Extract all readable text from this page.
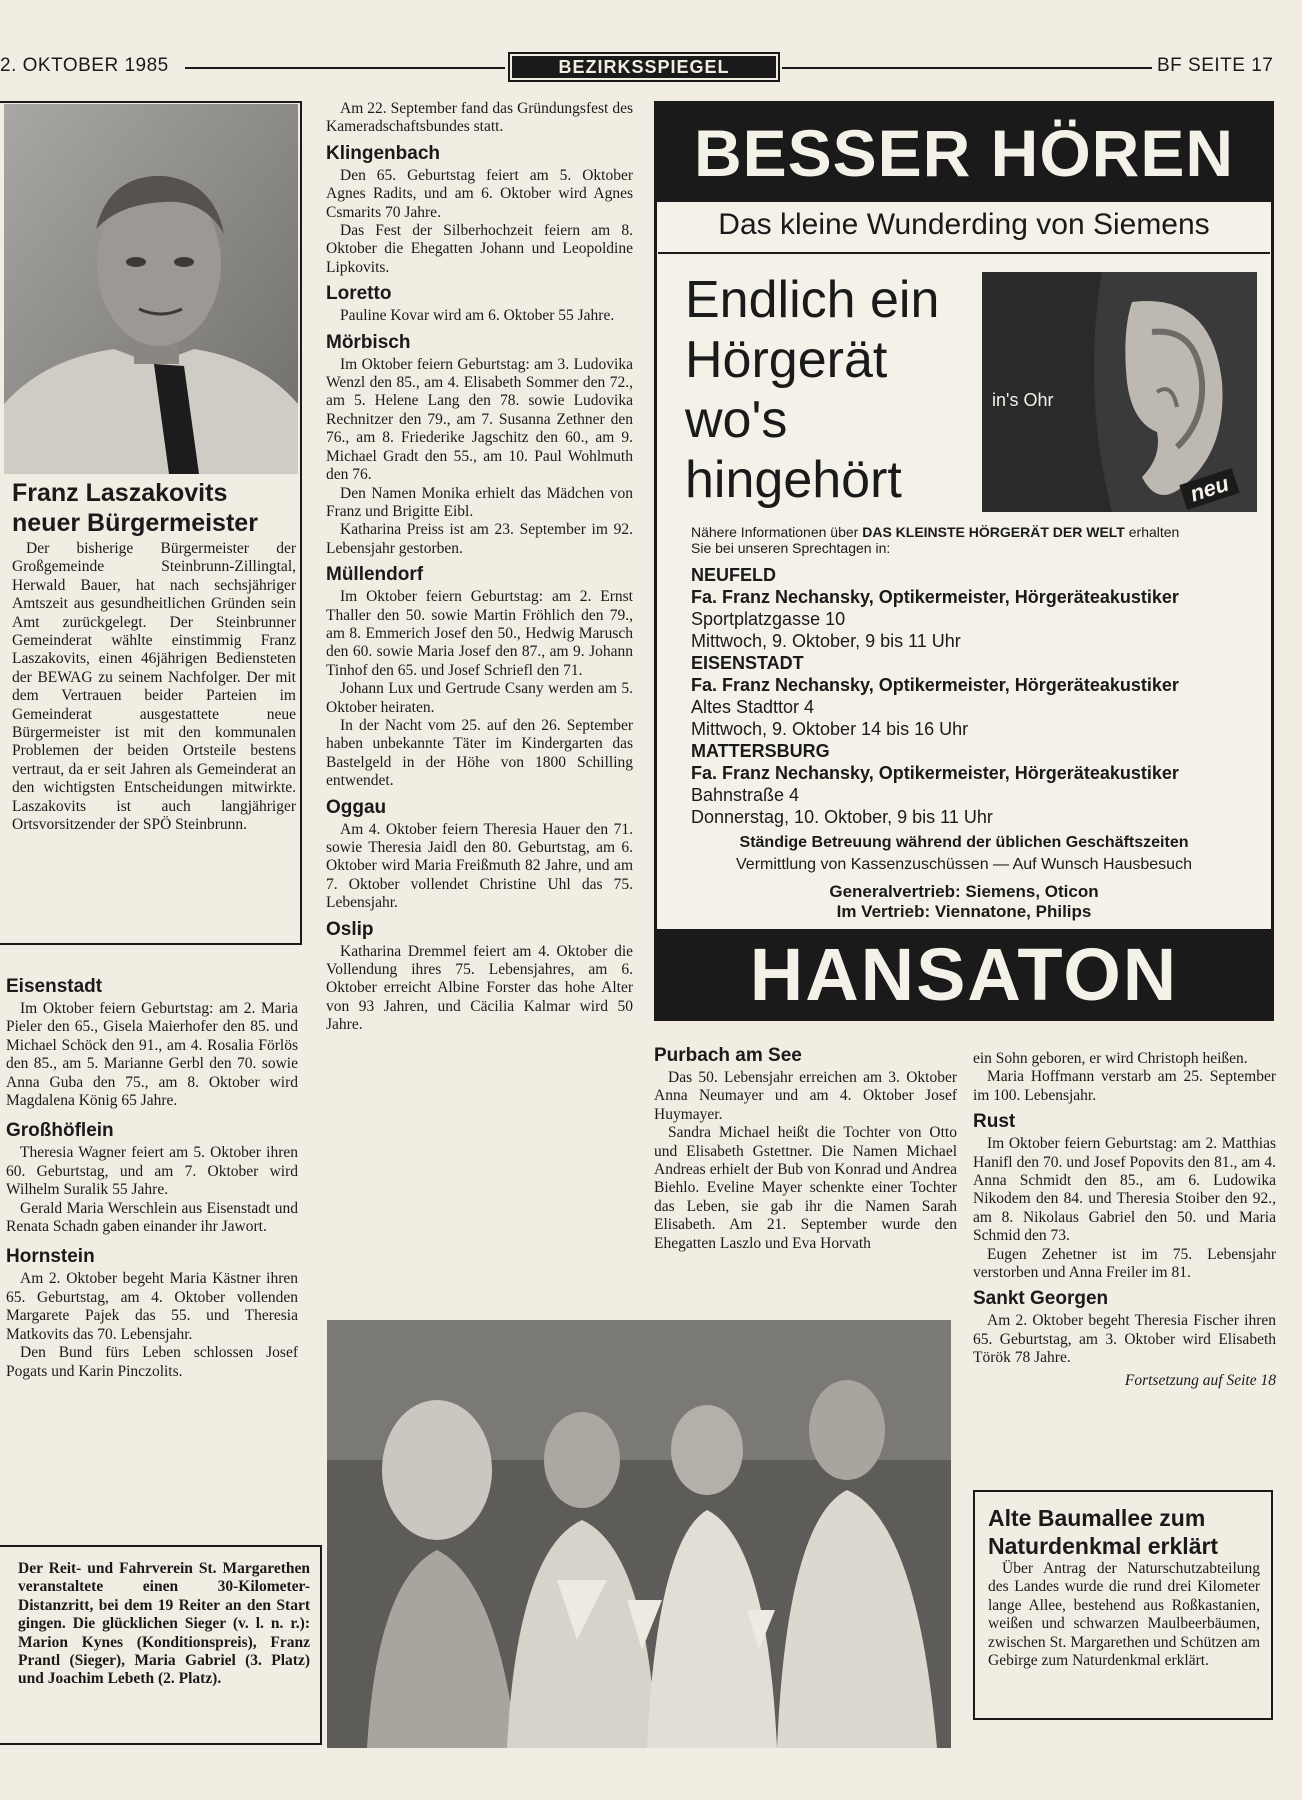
2. OKTOBER 1985	BEZIRKSSPIEGEL	BF SEITE 17
Franz Laszakovits
neuer Bürgermeister

Der bisherige Bürgermeister der Großgemeinde Steinbrunn-Zillingtal, Herwald Bauer, hat nach sechsjähriger Amtszeit aus gesundheitlichen Gründen sein Amt zurückgelegt. Der Steinbrunner Gemeinderat wählte einstimmig Franz Laszakovits, einen 46jährigen Bediensteten der BEWAG zu seinem Nachfolger. Der mit dem Vertrauen beider Parteien im Gemeinderat ausgestattete neue Bürgermeister ist mit den kommunalen Problemen der beiden Ortsteile bestens vertraut, da er seit Jahren als Gemeinderat an den wichtigsten Entscheidungen mitwirkte. Laszakovits ist auch langjähriger Ortsvorsitzender der SPÖ Steinbrunn.

Eisenstadt

Im Oktober feiern Geburtstag: am 2. Maria Pieler den 65., Gisela Maierhofer den 85. und Michael Schöck den 91., am 4. Rosalia Förlös den 85., am 5. Marianne Gerbl den 70. sowie Anna Guba den 75., am 8. Oktober wird Magdalena König 65 Jahre.

Großhöflein

Theresia Wagner feiert am 5. Oktober ihren 60. Geburtstag, und am 7. Oktober wird Wilhelm Suralik 55 Jahre.

Gerald Maria Werschlein aus Eisenstadt und Renata Schadn gaben einander ihr Jawort.

Hornstein

Am 2. Oktober begeht Maria Kästner ihren 65. Geburtstag, am 4. Oktober vollenden Margarete Pajek das 55. und Theresia Matkovits das 70. Lebensjahr.

Den Bund fürs Leben schlossen Josef Pogats und Karin Pinczolits.

Der Reit- und Fahrverein St. Margarethen veranstaltete einen 30-Kilometer-Distanzritt, bei dem 19 Reiter an den Start gingen. Die glücklichen Sieger (v. l. n. r.): Marion Kynes (Konditionspreis), Franz Prantl (Sieger), Maria Gabriel (3. Platz) und Joachim Lebeth (2. Platz).

Am 22. September fand das Gründungsfest des Kameradschaftsbundes statt.

Klingenbach

Den 65. Geburtstag feiert am 5. Oktober Agnes Radits, und am 6. Oktober wird Agnes Csmarits 70 Jahre.

Das Fest der Silberhochzeit feiern am 8. Oktober die Ehegatten Johann und Leopoldine Lipkovits.

Loretto

Pauline Kovar wird am 6. Oktober 55 Jahre.

Mörbisch

Im Oktober feiern Geburtstag: am 3. Ludovika Wenzl den 85., am 4. Elisabeth Sommer den 72., am 5. Helene Lang den 78. sowie Ludovika Rechnitzer den 79., am 7. Susanna Zethner den 76., am 8. Friederike Jagschitz den 60., am 9. Michael Gradt den 55., am 10. Paul Wohlmuth den 76.

Den Namen Monika erhielt das Mädchen von Franz und Brigitte Eibl.

Katharina Preiss ist am 23. September im 92. Lebensjahr gestorben.

Müllendorf

Im Oktober feiern Geburtstag: am 2. Ernst Thaller den 50. sowie Martin Fröhlich den 79., am 8. Emmerich Josef den 50., Hedwig Marusch den 60. sowie Maria Josef den 87., am 9. Johann Tinhof den 65. und Josef Schriefl den 71.

Johann Lux und Gertrude Csany werden am 5. Oktober heiraten.

In der Nacht vom 25. auf den 26. September haben unbekannte Täter im Kindergarten das Bastelgeld in der Höhe von 1800 Schilling entwendet.

Oggau

Am 4. Oktober feiern Theresia Hauer den 71. sowie Theresia Jaidl den 80. Geburtstag, am 6. Oktober wird Maria Freißmuth 82 Jahre, und am 7. Oktober vollendet Christine Uhl das 75. Lebensjahr.

Oslip

Katharina Dremmel feiert am 4. Oktober die Vollendung ihres 75. Lebensjahres, am 6. Oktober erreicht Albine Forster das hohe Alter von 93 Jahren, und Cäcilia Kalmar wird 50 Jahre.

BESSER HÖREN
Das kleine Wunderding von Siemens
Endlich ein
Hörgerät
wo's
hingehört
in's Ohr
neu
Nähere Informationen über DAS KLEINSTE HÖRGERÄT DER WELT erhalten
Sie bei unseren Sprechtagen in:
NEUFELD
Fa. Franz Nechansky, Optikermeister, Hörgeräteakustiker
Sportplatzgasse 10
Mittwoch, 9. Oktober, 9 bis 11 Uhr
EISENSTADT
Fa. Franz Nechansky, Optikermeister, Hörgeräteakustiker
Altes Stadttor 4
Mittwoch, 9. Oktober 14 bis 16 Uhr
MATTERSBURG
Fa. Franz Nechansky, Optikermeister, Hörgeräteakustiker
Bahnstraße 4
Donnerstag, 10. Oktober, 9 bis 11 Uhr
Ständige Betreuung während der üblichen Geschäftszeiten
Vermittlung von Kassenzuschüssen — Auf Wunsch Hausbesuch
Generalvertrieb: Siemens, Oticon
Im Vertrieb: Viennatone, Philips
HANSATON
Purbach am See

Das 50. Lebensjahr erreichen am 3. Oktober Anna Neumayer und am 4. Oktober Josef Huymayer.

Sandra Michael heißt die Tochter von Otto und Elisabeth Gstettner. Die Namen Michael Andreas erhielt der Bub von Konrad und Andrea Biehlo. Eveline Mayer schenkte einer Tochter das Leben, sie gab ihr die Namen Sarah Elisabeth. Am 21. September wurde den Ehegatten Laszlo und Eva Horvath

ein Sohn geboren, er wird Christoph heißen.

Maria Hoffmann verstarb am 25. September im 100. Lebensjahr.

Rust

Im Oktober feiern Geburtstag: am 2. Matthias Hanifl den 70. und Josef Popovits den 81., am 4. Anna Schmidt den 85., am 6. Ludowika Nikodem den 84. und Theresia Stoiber den 92., am 8. Nikolaus Gabriel den 50. und Maria Schmid den 73.

Eugen Zehetner ist im 75. Lebensjahr verstorben und Anna Freiler im 81.

Sankt Georgen

Am 2. Oktober begeht Theresia Fischer ihren 65. Geburtstag, am 3. Oktober wird Elisabeth Török 78 Jahre.

Fortsetzung auf Seite 18
Alte Baumallee zum
Naturdenkmal erklärt

Über Antrag der Naturschutzabteilung des Landes wurde die rund drei Kilometer lange Allee, bestehend aus Roßkastanien, weißen und schwarzen Maulbeerbäumen, zwischen St. Margarethen und Schützen am Gebirge zum Naturdenkmal erklärt.
